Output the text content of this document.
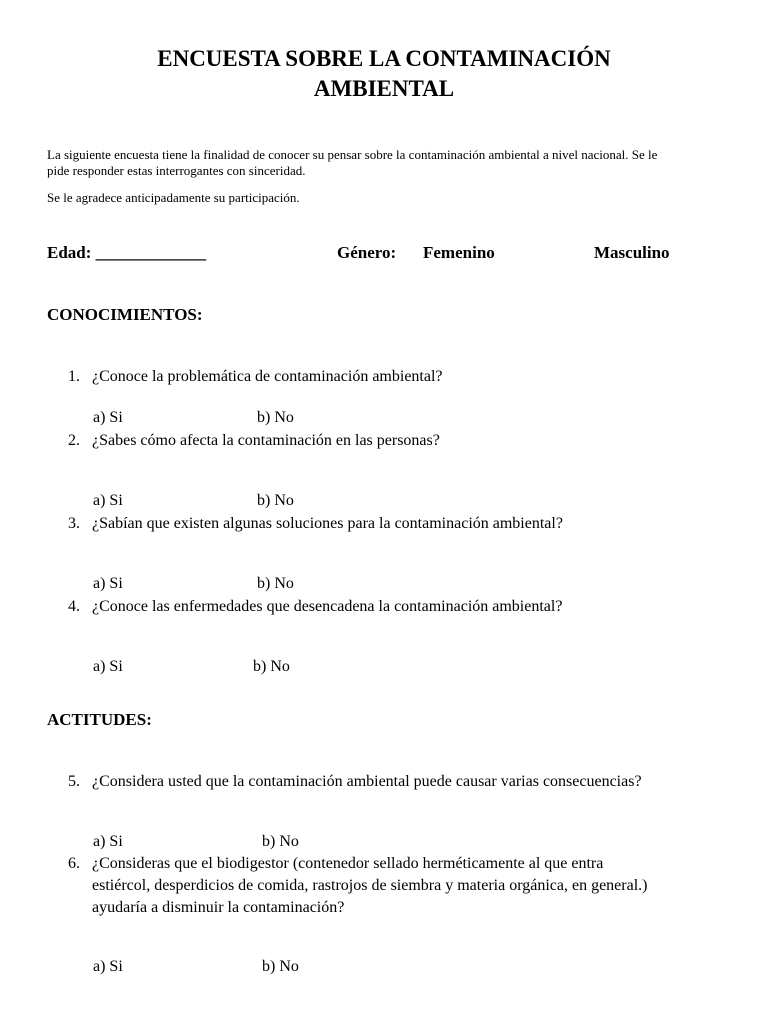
ENCUESTA SOBRE LA CONTAMINACIÓN
AMBIENTAL
La siguiente encuesta tiene la finalidad de conocer su pensar sobre la contaminación ambiental a nivel nacional. Se le
pide responder estas interrogantes con sinceridad.
Se le agradece anticipadamente su participación.
Edad: _____________	Género: Femenino	Masculino
CONOCIMIENTOS:
1. ¿Conoce la problemática de contaminación ambiental?
a) Si	b) No
2. ¿Sabes cómo afecta la contaminación en las personas?
a) Si	b) No
3. ¿Sabían que existen algunas soluciones para la contaminación ambiental?
a) Si	b) No
4. ¿Conoce las enfermedades que desencadena la contaminación ambiental?
a) Si	b) No
ACTITUDES:
5. ¿Considera usted que la contaminación ambiental puede causar varias consecuencias?
a) Si	b) No
6. ¿Consideras que el biodigestor (contenedor sellado herméticamente al que entra
estiércol, desperdicios de comida, rastrojos de siembra y materia orgánica, en general.)
ayudaría a disminuir la contaminación?
a) Si	b) No
